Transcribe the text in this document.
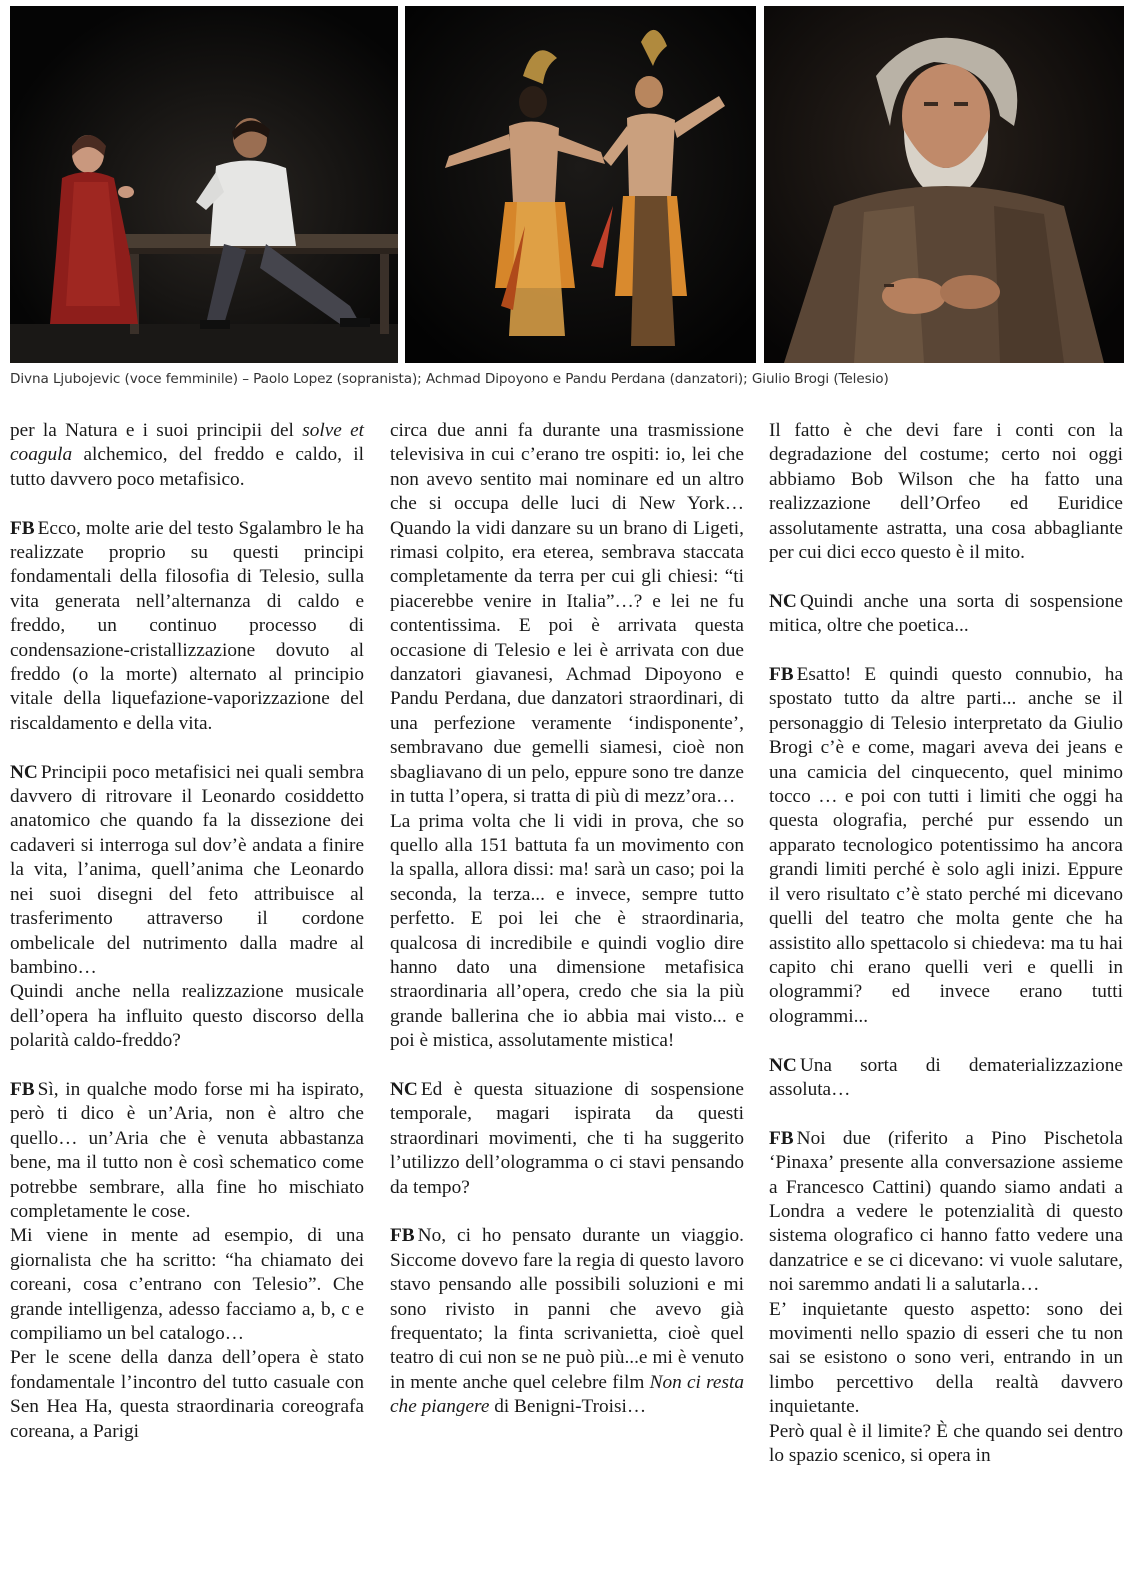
Divna Ljubojevic (voce femminile) – Paolo Lopez (sopranista); Achmad Dipoyono e Pandu Perdana (danzatori); Giulio Brogi (Telesio)

per la Natura e i suoi principii del solve et coagula alchemico, del freddo e caldo, il tutto davvero poco metafisico.

FB Ecco, molte arie del testo Sgalambro le ha realizzate proprio su questi principi fondamentali della filosofia di Telesio, sulla vita generata nell’alternanza di caldo e freddo, un continuo processo di condensazione-cristallizzazione dovuto al freddo (o la morte) alternato al principio vitale della liquefazione-vaporizzazione del riscaldamento e della vita.

NC Principii poco metafisici nei quali sembra davvero di ritrovare il Leonardo cosiddetto anatomico che quando fa la dissezione dei cadaveri si interroga sul dov’è andata a finire la vita, l’anima, quell’anima che Leonardo nei suoi disegni del feto attribuisce al trasferimento attraverso il cordone ombelicale del nutrimento dalla madre al bambino…

Quindi anche nella realizzazione musicale dell’opera ha influito questo discorso della polarità caldo-freddo?

FB Sì, in qualche modo forse mi ha ispirato, però ti dico è un’Aria, non è altro che quello… un’Aria che è venuta abbastanza bene, ma il tutto non è così schematico come potrebbe sembrare, alla fine ho mischiato completamente le cose.

Mi viene in mente ad esempio, di una giornalista che ha scritto: “ha chiamato dei coreani, cosa c’entrano con Telesio”. Che grande intelligenza, adesso facciamo a, b, c e compiliamo un bel catalogo…

Per le scene della danza dell’opera è stato fondamentale l’incontro del tutto casuale con Sen Hea Ha, questa straordinaria coreografa coreana, a Parigi

circa due anni fa durante una trasmissione televisiva in cui c’erano tre ospiti: io, lei che non avevo sentito mai nominare ed un altro che si occupa delle luci di New York… Quando la vidi danzare su un brano di Ligeti, rimasi colpito, era eterea, sembrava staccata completamente da terra per cui gli chiesi: “ti piacerebbe venire in Italia”…? e lei ne fu contentissima. E poi è arrivata questa occasione di Telesio e lei è arrivata con due danzatori giavanesi, Achmad Dipoyono e Pandu Perdana, due danzatori straordinari, di una perfezione veramente ‘indisponente’, sembravano due gemelli siamesi, cioè non sbagliavano di un pelo, eppure sono tre danze in tutta l’opera, si tratta di più di mezz’ora…

La prima volta che li vidi in prova, che so quello alla 151 battuta fa un movimento con la spalla, allora dissi: ma! sarà un caso; poi la seconda, la terza... e invece, sempre tutto perfetto. E poi lei che è straordinaria, qualcosa di incredibile e quindi voglio dire hanno dato una dimensione metafisica straordinaria all’opera, credo che sia la più grande ballerina che io abbia mai visto... e poi è mistica, assolutamente mistica!

NC Ed è questa situazione di sospensione temporale, magari ispirata da questi straordinari movimenti, che ti ha suggerito l’utilizzo dell’ologramma o ci stavi pensando da tempo?

FB No, ci ho pensato durante un viaggio. Siccome dovevo fare la regia di questo lavoro stavo pensando alle possibili soluzioni e mi sono rivisto in panni che avevo già frequentato; la finta scrivanietta, cioè quel teatro di cui non se ne può più...e mi è venuto in mente anche quel celebre film Non ci resta che piangere di Benigni-Troisi…

Il fatto è che devi fare i conti con la degradazione del costume; certo noi oggi abbiamo Bob Wilson che ha fatto una realizzazione dell’Orfeo ed Euridice assolutamente astratta, una cosa abbagliante per cui dici ecco questo è il mito.

NC Quindi anche una sorta di sospensione mitica, oltre che poetica...

FB Esatto! E quindi questo connubio, ha spostato tutto da altre parti... anche se il personaggio di Telesio interpretato da Giulio Brogi c’è e come, magari aveva dei jeans e una camicia del cinquecento, quel minimo tocco … e poi con tutti i limiti che oggi ha questa olografia, perché pur essendo un apparato tecnologico potentissimo ha ancora grandi limiti perché è solo agli inizi. Eppure il vero risultato c’è stato perché mi dicevano quelli del teatro che molta gente che ha assistito allo spettacolo si chiedeva: ma tu hai capito chi erano quelli veri e quelli in ologrammi? ed invece erano tutti ologrammi...

NC Una sorta di dematerializzazione assoluta…

FB Noi due (riferito a Pino Pischetola ‘Pinaxa’ presente alla conversazione assieme a Francesco Cattini) quando siamo andati a Londra a vedere le potenzialità di questo sistema olografico ci hanno fatto vedere una danzatrice e se ci dicevano: vi vuole salutare, noi saremmo andati li a salutarla…

E’ inquietante questo aspetto: sono dei movimenti nello spazio di esseri che tu non sai se esistono o sono veri, entrando in un limbo percettivo della realtà davvero inquietante.

Però qual è il limite? È che quando sei dentro lo spazio scenico, si opera in
